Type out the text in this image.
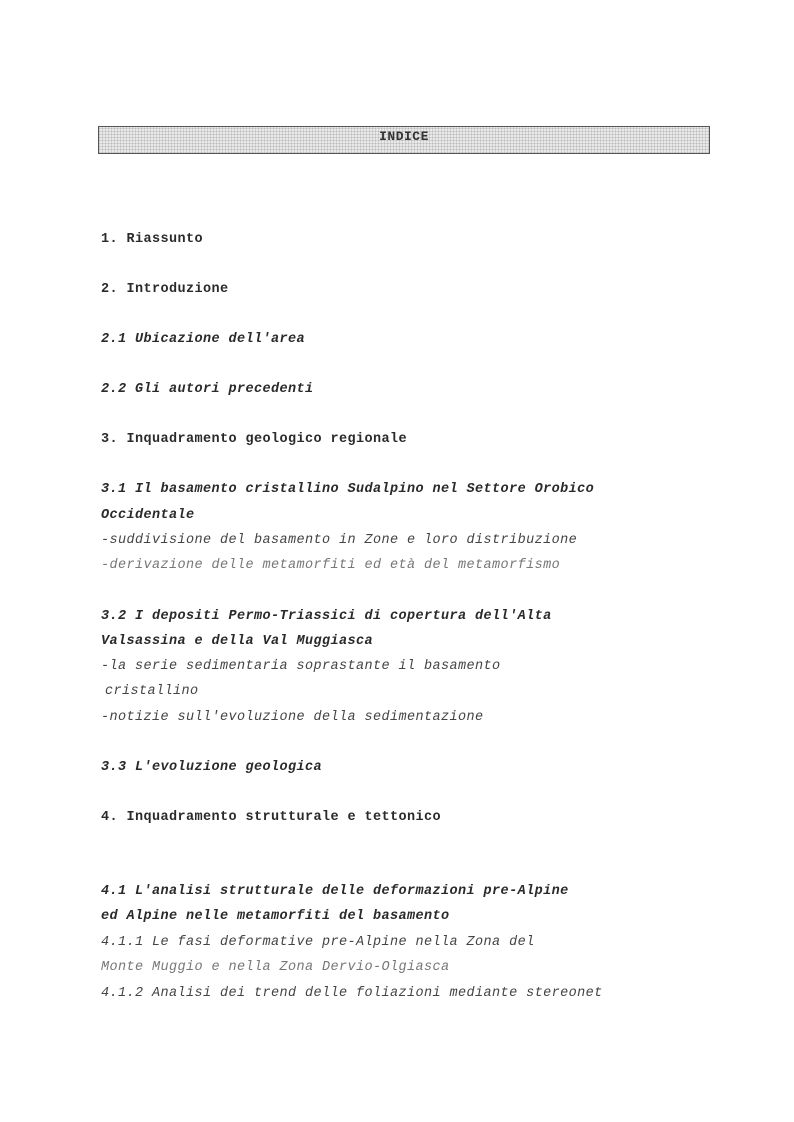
INDICE
1. Riassunto
2. Introduzione
2.1 Ubicazione dell'area
2.2 Gli autori precedenti
3. Inquadramento geologico regionale
3.1 Il basamento cristallino Sudalpino nel Settore Orobico
Occidentale
-suddivisione del basamento in Zone e loro distribuzione
-derivazione delle metamorfiti ed età del metamorfismo
3.2 I depositi Permo-Triassici di copertura dell'Alta
Valsassina e della Val Muggiasca
-la serie sedimentaria soprastante il basamento
cristallino
-notizie sull'evoluzione della sedimentazione
3.3 L'evoluzione geologica
4. Inquadramento strutturale e tettonico
4.1 L'analisi strutturale delle deformazioni pre-Alpine
ed Alpine nelle metamorfiti del basamento
4.1.1 Le fasi deformative pre-Alpine nella Zona del
Monte Muggio e nella Zona Dervio-Olgiasca
4.1.2 Analisi dei trend delle foliazioni mediante stereonet
